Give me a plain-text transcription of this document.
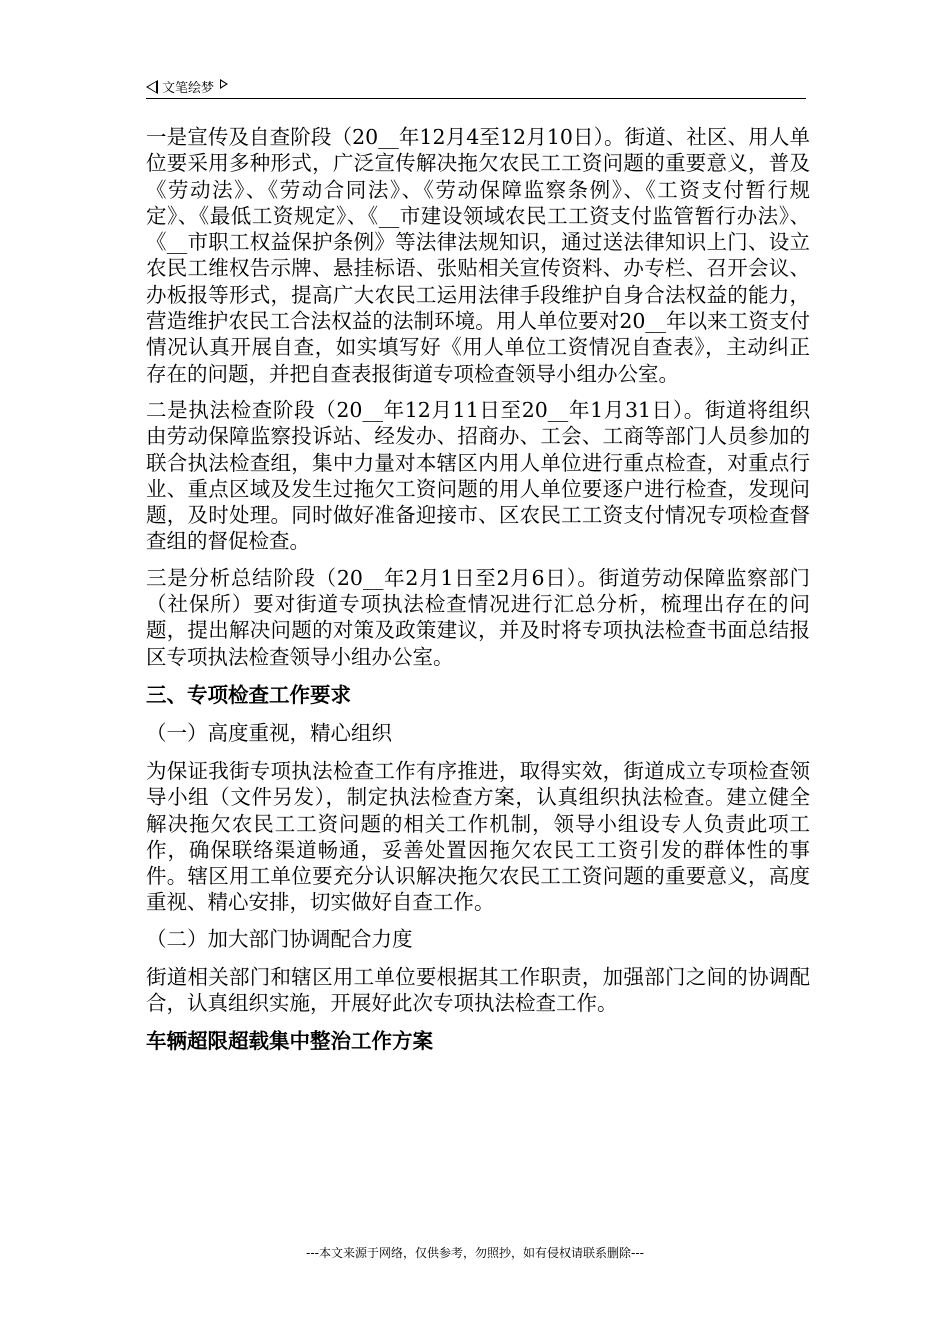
文笔绘梦

一是宣传及自查阶段（20__年12月4至12月10日）。街道、社区、用人单位要采用多种形式，广泛宣传解决拖欠农民工工资问题的重要意义，普及《劳动法》、《劳动合同法》、《劳动保障监察条例》、《工资支付暂行规定》、《最低工资规定》、《__市建设领域农民工工资支付监管暂行办法》、《__市职工权益保护条例》等法律法规知识，通过送法律知识上门、设立农民工维权告示牌、悬挂标语、张贴相关宣传资料、办专栏、召开会议、办板报等形式，提高广大农民工运用法律手段维护自身合法权益的能力，营造维护农民工合法权益的法制环境。用人单位要对20__年以来工资支付情况认真开展自查，如实填写好《用人单位工资情况自查表》，主动纠正存在的问题，并把自查表报街道专项检查领导小组办公室。

二是执法检查阶段（20__年12月11日至20__年1月31日）。街道将组织由劳动保障监察投诉站、经发办、招商办、工会、工商等部门人员参加的联合执法检查组，集中力量对本辖区内用人单位进行重点检查，对重点行业、重点区域及发生过拖欠工资问题的用人单位要逐户进行检查，发现问题，及时处理。同时做好准备迎接市、区农民工工资支付情况专项检查督查组的督促检查。

三是分析总结阶段（20__年2月1日至2月6日）。街道劳动保障监察部门（社保所）要对街道专项执法检查情况进行汇总分析，梳理出存在的问题，提出解决问题的对策及政策建议，并及时将专项执法检查书面总结报区专项执法检查领导小组办公室。

三、专项检查工作要求
（一）高度重视，精心组织

为保证我街专项执法检查工作有序推进，取得实效，街道成立专项检查领导小组（文件另发），制定执法检查方案，认真组织执法检查。建立健全解决拖欠农民工工资问题的相关工作机制，领导小组设专人负责此项工作，确保联络渠道畅通，妥善处置因拖欠农民工工资引发的群体性的事件。辖区用工单位要充分认识解决拖欠农民工工资问题的重要意义，高度重视、精心安排，切实做好自查工作。

（二）加大部门协调配合力度

街道相关部门和辖区用工单位要根据其工作职责，加强部门之间的协调配合，认真组织实施，开展好此次专项执法检查工作。

车辆超限超载集中整治工作方案
---本文来源于网络，仅供参考，勿照抄，如有侵权请联系删除---
